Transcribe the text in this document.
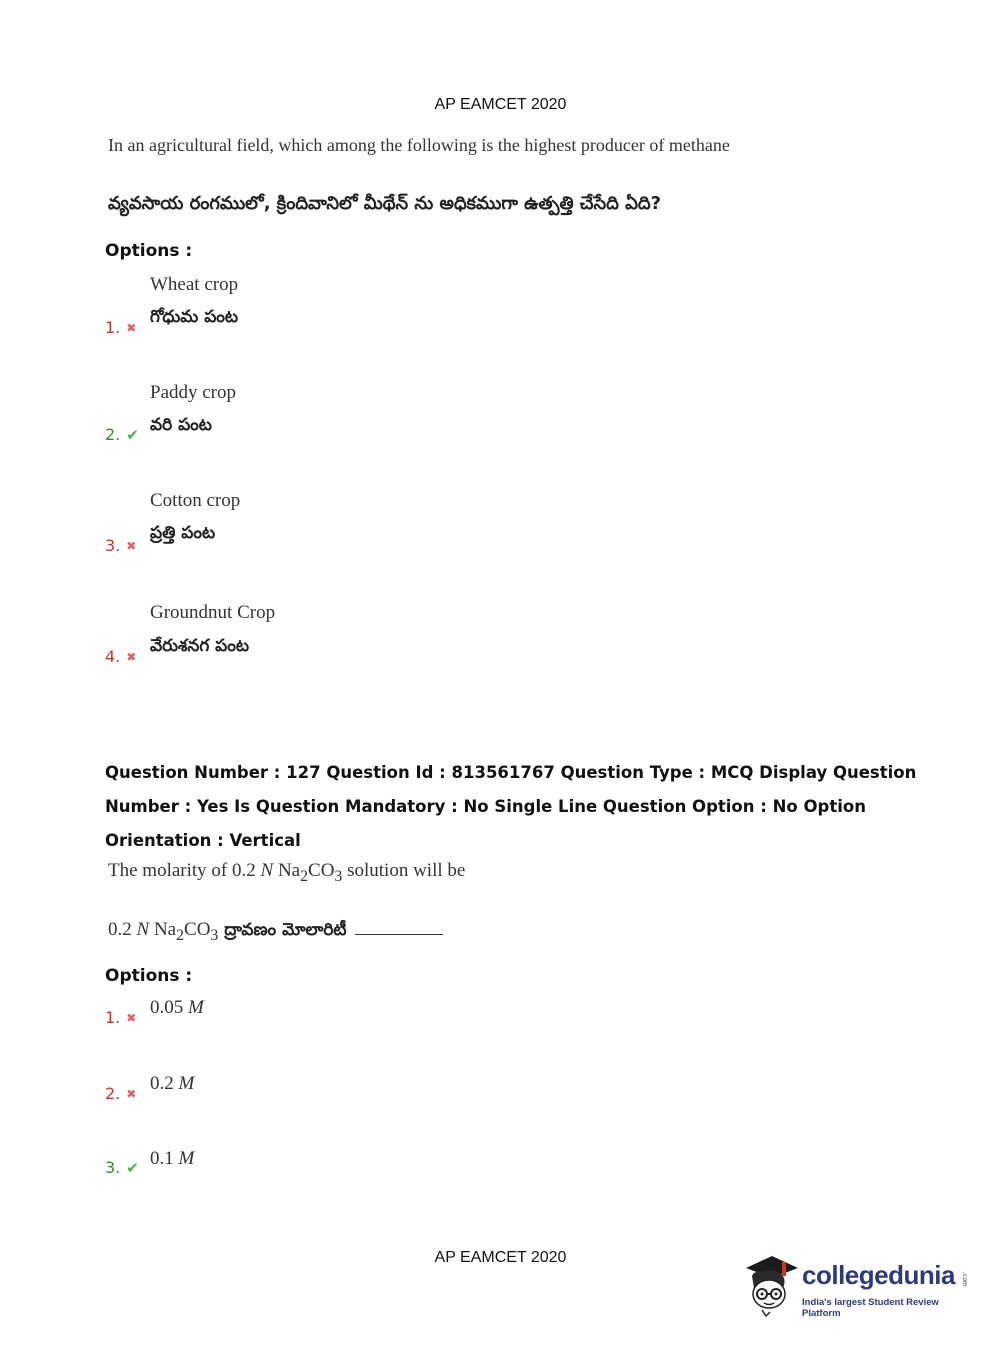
AP EAMCET 2020
In an agricultural field, which among the following is the highest producer of methane
వ్యవసాయ రంగములో, క్రిందివానిలో మీథేన్ ను అధికముగా ఉత్పత్తి చేసేది ఏది?
Options :
Wheat crop
గోధుమ పంట
1. ✖
Paddy crop
వరి పంట
2. ✔
Cotton crop
ప్రత్తి పంట
3. ✖
Groundnut Crop
వేరుశనగ పంట
4. ✖
Question Number : 127 Question Id : 813561767 Question Type : MCQ Display Question
Number : Yes Is Question Mandatory : No Single Line Question Option : No Option
Orientation : Vertical
The molarity of 0.2 N $Na_2CO_3$ solution will be
0.2 N $Na_2CO_3$ ద్రావణం మోలారిటీ
Options :
1. ✖ 0.05 M
2. ✖ 0.2 M
3. ✔ 0.1 M
AP EAMCET 2020
collegedunia .com
India's largest Student Review Platform
